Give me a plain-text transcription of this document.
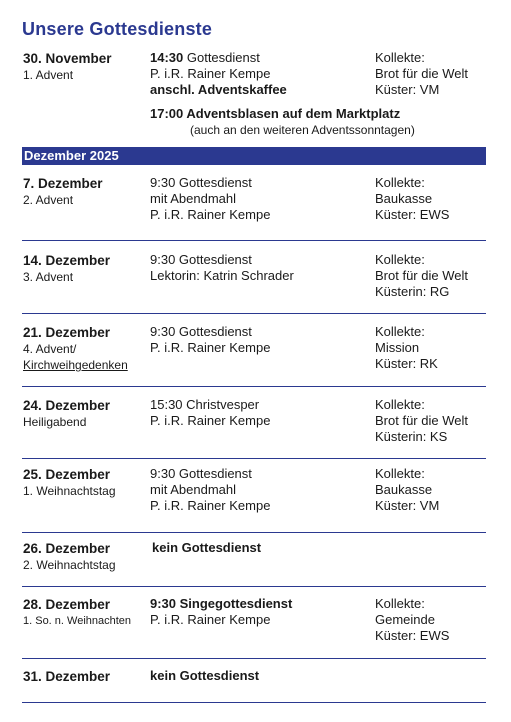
Unsere Gottesdienste
30. November
1. Advent
14:30 Gottesdienst
P. i.R. Rainer Kempe
anschl. Adventskaffee
Kollekte:
Brot für die Welt
Küster: VM
17:00 Adventsblasen auf dem Marktplatz
(auch an den weiteren Adventssonntagen)
Dezember 2025
7. Dezember
2. Advent
9:30 Gottesdienst
mit Abendmahl
P. i.R. Rainer Kempe
Kollekte:
Baukasse
Küster: EWS
14. Dezember
3. Advent
9:30 Gottesdienst
Lektorin: Katrin Schrader
Kollekte:
Brot für die Welt
Küsterin: RG
21. Dezember
4. Advent/
Kirchweihgedenken
9:30 Gottesdienst
P. i.R. Rainer Kempe
Kollekte:
Mission
Küster: RK
24. Dezember
Heiligabend
15:30 Christvesper
P. i.R. Rainer Kempe
Kollekte:
Brot für die Welt
Küsterin: KS
25. Dezember
1. Weihnachtstag
9:30 Gottesdienst
mit Abendmahl
P. i.R. Rainer Kempe
Kollekte:
Baukasse
Küster: VM
26. Dezember
2. Weihnachtstag
kein Gottesdienst
28. Dezember
1. So. n. Weihnachten
9:30 Singegottesdienst
P. i.R. Rainer Kempe
Kollekte:
Gemeinde
Küster: EWS
31. Dezember	kein Gottesdienst
